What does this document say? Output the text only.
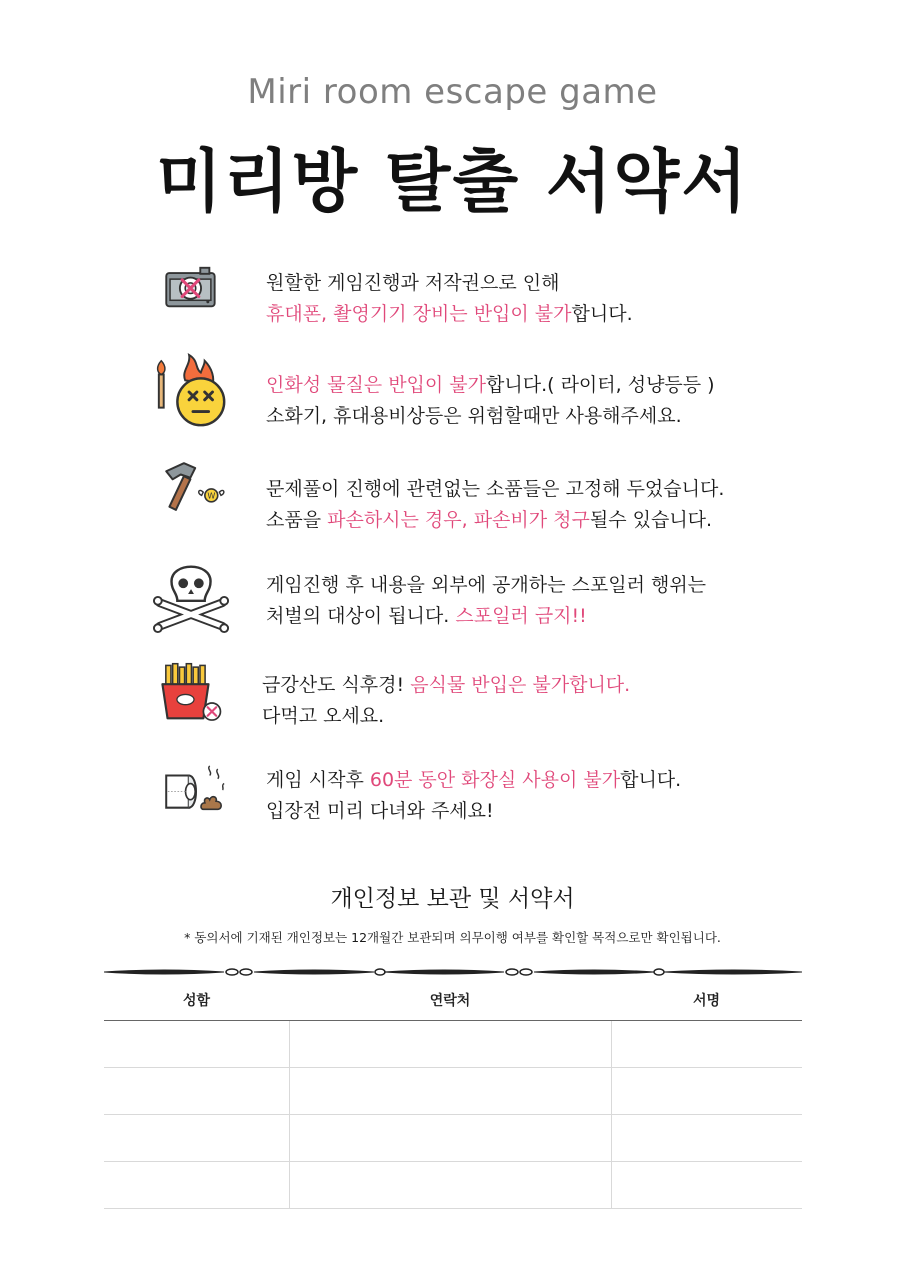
Miri room escape game
미리방 탈출 서약서
원할한 게임진행과 저작권으로 인해
휴대폰, 촬영기기 장비는 반입이 불가합니다.
인화성 물질은 반입이 불가합니다.( 라이터, 성냥등등 )
소화기, 휴대용비상등은 위험할때만 사용해주세요.
W	문제풀이 진행에 관련없는 소품들은 고정해 두었습니다.
소품을 파손하시는 경우, 파손비가 청구될수 있습니다.
게임진행 후 내용을 외부에 공개하는 스포일러 행위는
처벌의 대상이 됩니다. 스포일러 금지!!
금강산도 식후경! 음식물 반입은 불가합니다.
다먹고 오세요.
게임 시작후 60분 동안 화장실 사용이 불가합니다.
입장전 미리 다녀와 주세요!
개인정보 보관 및 서약서
* 동의서에 기재된 개인정보는 12개월간 보관되며 의무이행 여부를 확인할 목적으로만 확인됩니다.
성함	연락처	서명
